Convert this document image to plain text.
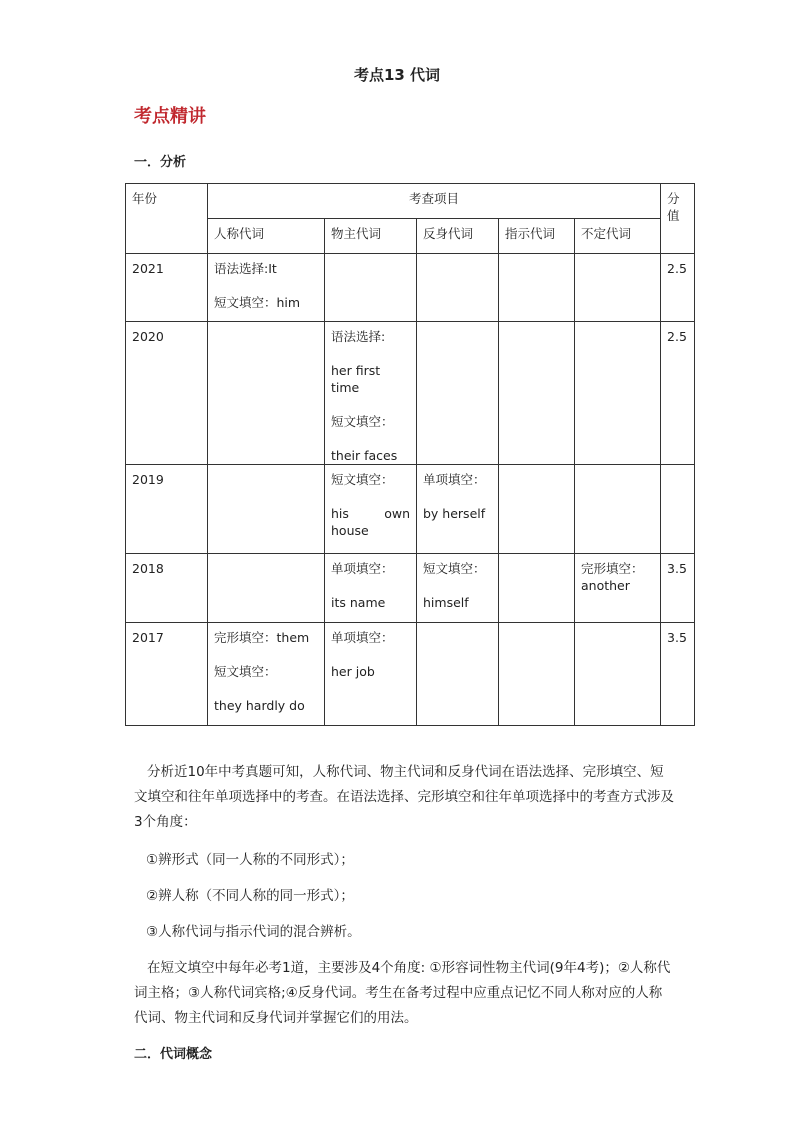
考点13 代词
考点精讲
一．分析
年份	考查项目					分值

	人称代词	物主代词	反身代词	指示代词	不定代词	

2021	语法选择:It
短文填空：him					2.5

2020		语法选择:
her first time
短文填空：
their faces				2.5

2019		短文填空：
his own house	单项填空：
by herself			

2018		单项填空：
its name	短文填空：
himself		完形填空：
another	3.5

2017	完形填空：them
短文填空：
they hardly do	单项填空：
her job				3.5

分析近10年中考真题可知，人称代词、物主代词和反身代词在语法选择、完形填空、短文填空和往年单项选择中的考查。在语法选择、完形填空和往年单项选择中的考查方式涉及3个角度：

①辨形式（同一人称的不同形式）；
②辨人称（不同人称的同一形式）；
③人称代词与指示代词的混合辨析。

在短文填空中每年必考1道，主要涉及4个角度: ①形容词性物主代词(9年4考)；②人称代词主格；③人称代词宾格;④反身代词。考生在备考过程中应重点记忆不同人称对应的人称代词、物主代词和反身代词并掌握它们的用法。

二．代词概念
